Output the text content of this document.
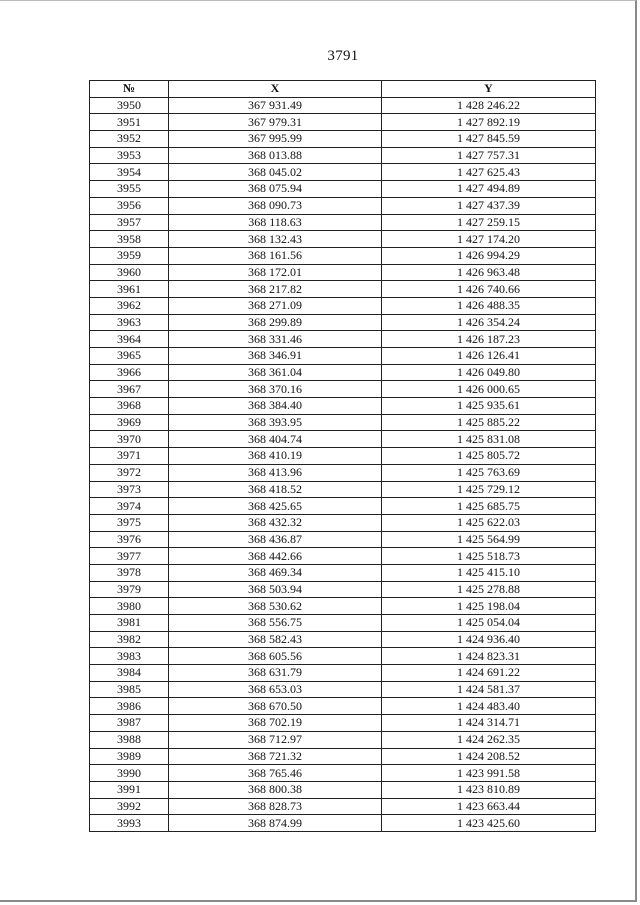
3791
№	X	Y
3950	367 931.49	1 428 246.22
3951	367 979.31	1 427 892.19
3952	367 995.99	1 427 845.59
3953	368 013.88	1 427 757.31
3954	368 045.02	1 427 625.43
3955	368 075.94	1 427 494.89
3956	368 090.73	1 427 437.39
3957	368 118.63	1 427 259.15
3958	368 132.43	1 427 174.20
3959	368 161.56	1 426 994.29
3960	368 172.01	1 426 963.48
3961	368 217.82	1 426 740.66
3962	368 271.09	1 426 488.35
3963	368 299.89	1 426 354.24
3964	368 331.46	1 426 187.23
3965	368 346.91	1 426 126.41
3966	368 361.04	1 426 049.80
3967	368 370.16	1 426 000.65
3968	368 384.40	1 425 935.61
3969	368 393.95	1 425 885.22
3970	368 404.74	1 425 831.08
3971	368 410.19	1 425 805.72
3972	368 413.96	1 425 763.69
3973	368 418.52	1 425 729.12
3974	368 425.65	1 425 685.75
3975	368 432.32	1 425 622.03
3976	368 436.87	1 425 564.99
3977	368 442.66	1 425 518.73
3978	368 469.34	1 425 415.10
3979	368 503.94	1 425 278.88
3980	368 530.62	1 425 198.04
3981	368 556.75	1 425 054.04
3982	368 582.43	1 424 936.40
3983	368 605.56	1 424 823.31
3984	368 631.79	1 424 691.22
3985	368 653.03	1 424 581.37
3986	368 670.50	1 424 483.40
3987	368 702.19	1 424 314.71
3988	368 712.97	1 424 262.35
3989	368 721.32	1 424 208.52
3990	368 765.46	1 423 991.58
3991	368 800.38	1 423 810.89
3992	368 828.73	1 423 663.44
3993	368 874.99	1 423 425.60
